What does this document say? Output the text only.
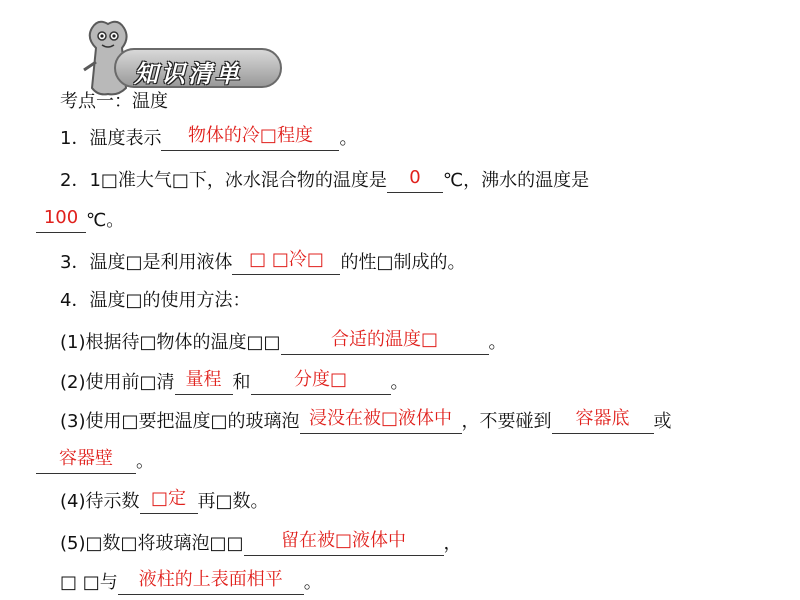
知识清单
考点一：温度
1．温度表示	物体的冷□程度	。
2．1□准大气□下，冰水混合物的温度是	0	℃，沸水的温度是
100 ℃。
3．温度□是利用液体 □ □冷□ 的性□制成的。
4．温度□的使用方法：
(1)根据待□物体的温度□□	合适的温度□	。
(2)使用前□清 量程 和	分度□	。
(3)使用□要把温度□的玻璃泡 浸没在被□液体中 ，不要碰到	容器底	或
容器壁	。
(4)待示数 □定 再□数。
(5)□数□将玻璃泡□□	留在被□液体中	，
□ □与	液柱的上表面相平	。
